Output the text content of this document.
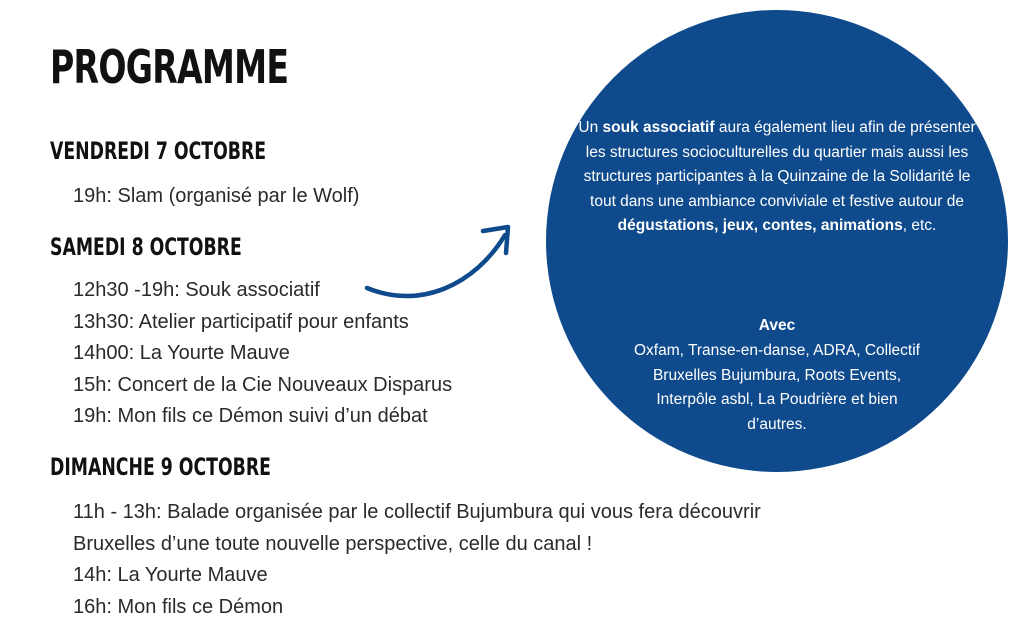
PROGRAMME
VENDREDI 7 OCTOBRE
19h: Slam (organisé par le Wolf)
SAMEDI 8 OCTOBRE
12h30 -19h: Souk associatif
13h30: Atelier participatif pour enfants
14h00: La Yourte Mauve
15h: Concert de la Cie Nouveaux Disparus
19h: Mon fils ce Démon suivi d’un débat
DIMANCHE 9 OCTOBRE
11h - 13h: Balade organisée par le collectif Bujumbura qui vous fera découvrir
Bruxelles d’une toute nouvelle perspective, celle du canal !
14h: La Yourte Mauve
16h: Mon fils ce Démon

Un souk associatif aura également lieu afin de présenter les structures socioculturelles du quartier mais aussi les structures participantes à la Quinzaine de la Solidarité le tout dans une ambiance conviviale et festive autour de dégustations, jeux, contes, animations, etc.

Avec

Oxfam, Transe-en-danse, ADRA, Collectif Bruxelles Bujumbura, Roots Events, Interpôle asbl, La Poudrière et bien d’autres.
